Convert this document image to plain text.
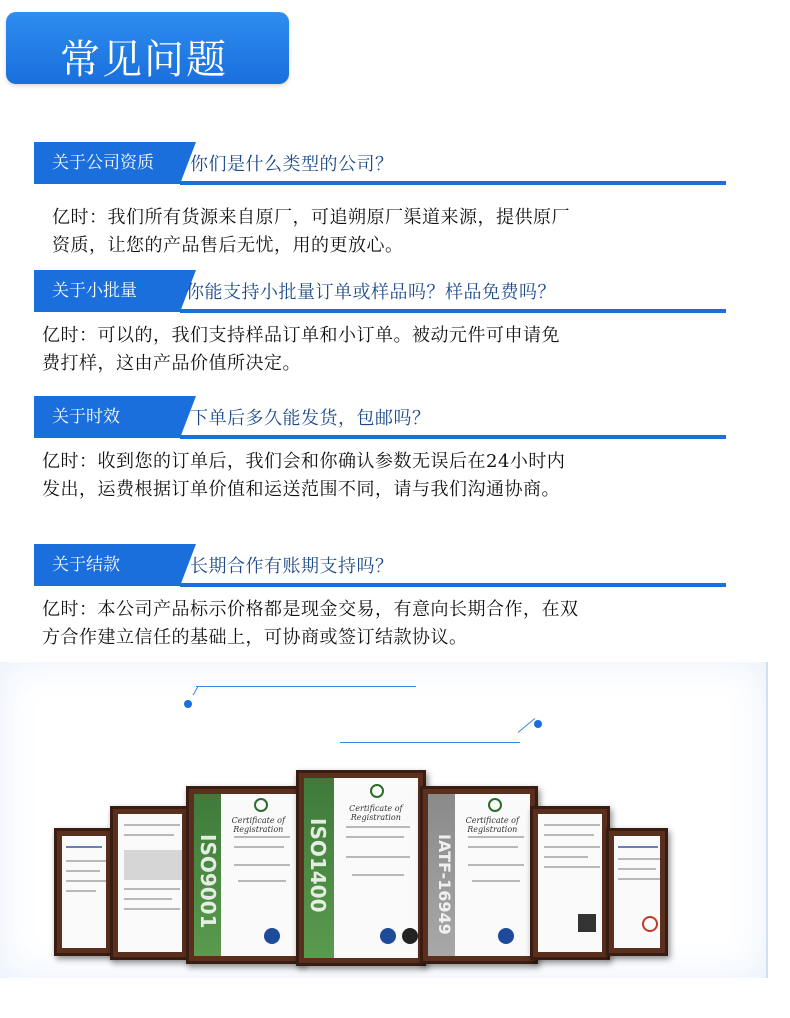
常见问题
关于公司资质	你们是什么类型的公司？
亿时：我们所有货源来自原厂，可追朔原厂渠道来源，提供原厂
资质，让您的产品售后无忧，用的更放心。
关于小批量	你能支持小批量订单或样品吗？样品免费吗？
亿时：可以的，我们支持样品订单和小订单。被动元件可申请免
费打样，这由产品价值所决定。
关于时效	下单后多久能发货，包邮吗？
亿时：收到您的订单后，我们会和你确认参数无误后在24小时内
发出，运费根据订单价值和运送范围不同，请与我们沟通协商。
关于结款	长期合作有账期支持吗？
亿时：本公司产品标示价格都是现金交易，有意向长期合作，在双
方合作建立信任的基础上，可协商或签订结款协议。
ISO9001
Certificate of Registration	ISO1400
Certificate of Registration
IATF-16949
Certificate of Registration
